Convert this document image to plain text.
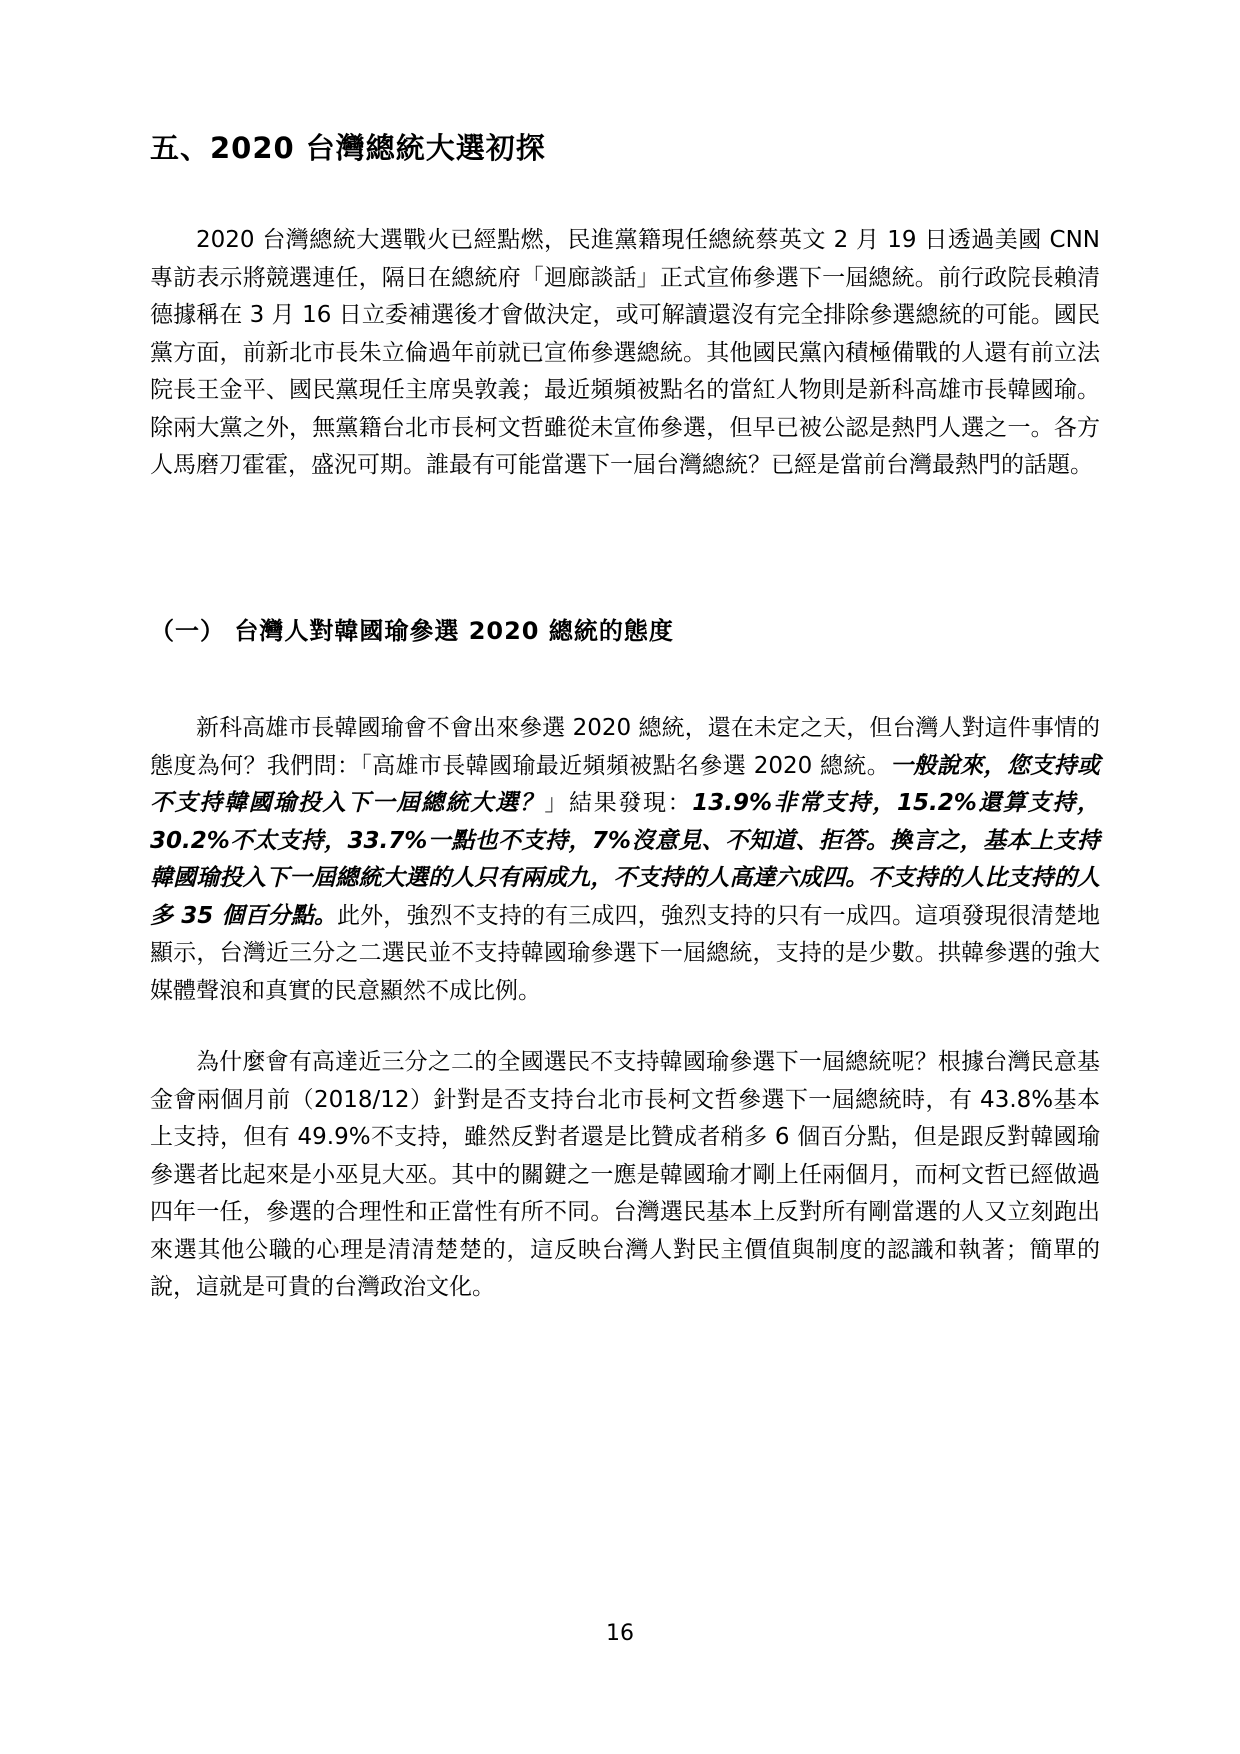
五、2020 台灣總統大選初探

2020 台灣總統大選戰火已經點燃，民進黨籍現任總統蔡英文 2 月 19 日透過美國 CNN 專訪表示將競選連任，隔日在總統府「迴廊談話」正式宣佈參選下一屆總統。前行政院長賴清德據稱在 3 月 16 日立委補選後才會做決定，或可解讀還沒有完全排除參選總統的可能。國民黨方面，前新北市長朱立倫過年前就已宣佈參選總統。其他國民黨內積極備戰的人還有前立法院長王金平、國民黨現任主席吳敦義；最近頻頻被點名的當紅人物則是新科高雄市長韓國瑜。除兩大黨之外，無黨籍台北市長柯文哲雖從未宣佈參選，但早已被公認是熱門人選之一。各方人馬磨刀霍霍，盛況可期。誰最有可能當選下一屆台灣總統？已經是當前台灣最熱門的話題。

（一） 台灣人對韓國瑜參選 2020 總統的態度

新科高雄市長韓國瑜會不會出來參選 2020 總統，還在未定之天，但台灣人對這件事情的態度為何？我們問：「高雄市長韓國瑜最近頻頻被點名參選 2020 總統。一般說來，您支持或不支持韓國瑜投入下一屆總統大選？」結果發現：13.9%非常支持，15.2%還算支持，30.2%不太支持，33.7%一點也不支持，7%沒意見、不知道、拒答。換言之，基本上支持韓國瑜投入下一屆總統大選的人只有兩成九，不支持的人高達六成四。不支持的人比支持的人多 35 個百分點。此外，強烈不支持的有三成四，強烈支持的只有一成四。這項發現很清楚地顯示，台灣近三分之二選民並不支持韓國瑜參選下一屆總統，支持的是少數。拱韓參選的強大媒體聲浪和真實的民意顯然不成比例。

為什麼會有高達近三分之二的全國選民不支持韓國瑜參選下一屆總統呢？根據台灣民意基金會兩個月前（2018/12）針對是否支持台北市長柯文哲參選下一屆總統時，有 43.8%基本上支持，但有 49.9%不支持，雖然反對者還是比贊成者稍多 6 個百分點，但是跟反對韓國瑜參選者比起來是小巫見大巫。其中的關鍵之一應是韓國瑜才剛上任兩個月，而柯文哲已經做過四年一任，參選的合理性和正當性有所不同。台灣選民基本上反對所有剛當選的人又立刻跑出來選其他公職的心理是清清楚楚的，這反映台灣人對民主價值與制度的認識和執著；簡單的說，這就是可貴的台灣政治文化。

16
